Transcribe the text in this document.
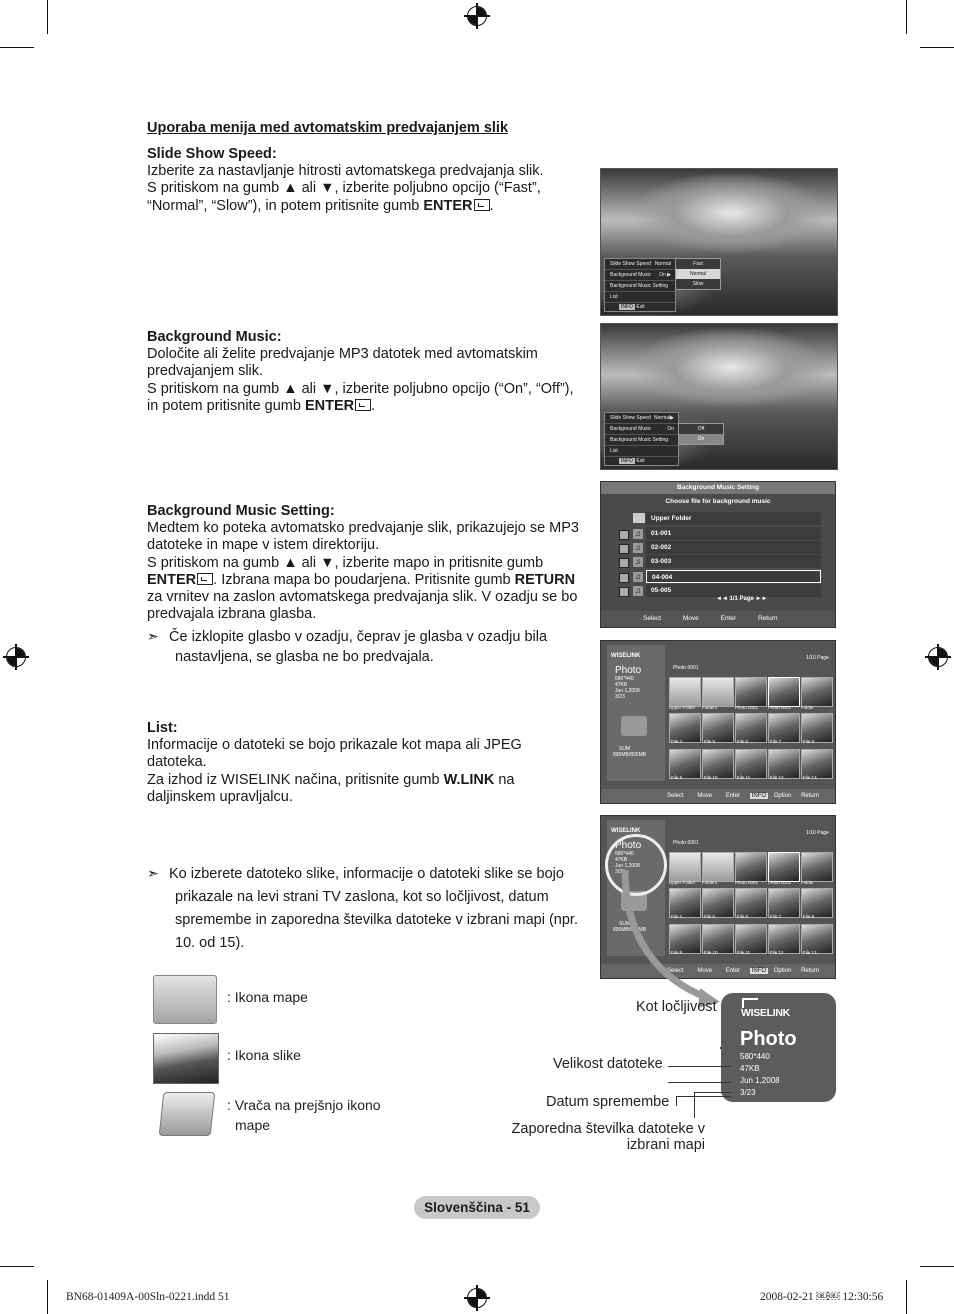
Uporaba menija med avtomatskim predvajanjem slik
Slide Show Speed:
Izberite za nastavljanje hitrosti avtomatskega predvajanja slik.
S pritiskom na gumb ▲ ali ▼, izberite poljubno opcijo (“Fast”,
“Normal”, “Slow”), in potem pritisnite gumb ENTER .
Background Music:
Določite ali želite predvajanje MP3 datotek med avtomatskim
predvajanjem slik.
S pritiskom na gumb ▲ ali ▼, izberite poljubno opcijo (“On”, “Off”),
in potem pritisnite gumb ENTER .
Background Music Setting:
Medtem ko poteka avtomatsko predvajanje slik, prikazujejo se MP3
datoteke in mape v istem direktoriju.
S pritiskom na gumb ▲ ali ▼, izberite mapo in pritisnite gumb
ENTER . Izbrana mapa bo poudarjena. Pritisnite gumb RETURN
za vrnitev na zaslon avtomatskega predvajanja slik. V ozadju se bo
predvajala izbrana glasba.
➣ Če izklopite glasbo v ozadju, čeprav je glasba v ozadju bila
nastavljena, se glasba ne bo predvajala.
List:
Informacije o datoteki se bojo prikazale kot mapa ali JPEG
datoteka.
Za izhod iz WISELINK načina, pritisnite gumb W.LINK na
daljinskem upravljalcu.
➣ Ko izberete datoteko slike, informacije o datoteki slike se bojo
prikazale na levi strani TV zaslona, kot so ločljivost, datum
spremembe in zaporedna številka datoteke v izbrani mapi (npr.
10. od 15).
Slide Show Speed Normal
Background Music On ▶
Background Music Setting
List
INFO Exit
Fast
Normal
Slow
Slide Show Speed Normal▶
Background Music	On
Background Music Setting
List
INFO Exit
Off
On
Background Music Setting
Choose file for background music
Upper Folder
01-001
02-002
03-003
04-004
05-005
♫
♫
♫
♫
♫
◄◄ 1/1 Page ►►
Select	Move	Enter	Return
WISELINK
Photo
580*440
47KB
Jun 1,2008
3/23
SUM
895MB/895MB
1/10 Page
Photo 0001
Upper Folder Folder1	Photo 0001 Photo 0001 Folder
File 4	File 5	File 6	File 7	File 8
File 9	File 10	File 11	File 12	File 13
Select Move Enter INFO Option Return
WISELINK
Photo
580*440
47KB
Jun 1,2008
3/23
SUM
895MB/895MB
1/10 Page
Photo 0001
Upper Folder Folder1	Photo 0001 Photo 0001 Folder
File 4	File 5	File 6	File 7	File 8
File 9	File 10	File 11	File 12	File 13
Select Move Enter INFO Option Return
WISELINK
Photo
580*440
47KB
Jun 1,2008
3/23
Kot ločljivost
Velikost datoteke
Datum spremembe
Zaporedna številka datoteke v
izbrani mapi
: Ikona mape
: Ikona slike
: Vrača na prejšnjo ikono
mape
Slovenščina - 51
BN68-01409A-00Sln-0221.indd 51	2008-02-21 ￼￼ 12:30:56
